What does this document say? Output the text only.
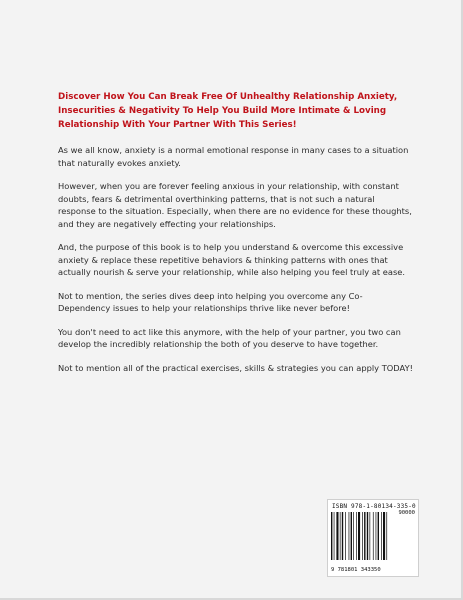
Discover How You Can Break Free Of Unhealthy Relationship Anxiety, Insecurities & Negativity To Help You Build More Intimate & Loving Relationship With Your Partner With This Series!

As we all know, anxiety is a normal emotional response in many cases to a situation that naturally evokes anxiety.

However, when you are forever feeling anxious in your relationship, with constant doubts, fears & detrimental overthinking patterns, that is not such a natural response to the situation. Especially, when there are no evidence for these thoughts, and they are negatively effecting your relationships.

And, the purpose of this book is to help you understand & overcome this excessive anxiety & replace these repetitive behaviors & thinking patterns with ones that actually nourish & serve your relationship, while also helping you feel truly at ease.

Not to mention, the series dives deep into helping you overcome any Co-Dependency issues to help your relationships thrive like never before!

You don't need to act like this anymore, with the help of your partner, you two can develop the incredibly relationship the both of you deserve to have together.

Not to mention all of the practical exercises, skills & strategies you can apply TODAY!

ISBN 978-1-80134-335-0
90000
9 781801 343350
